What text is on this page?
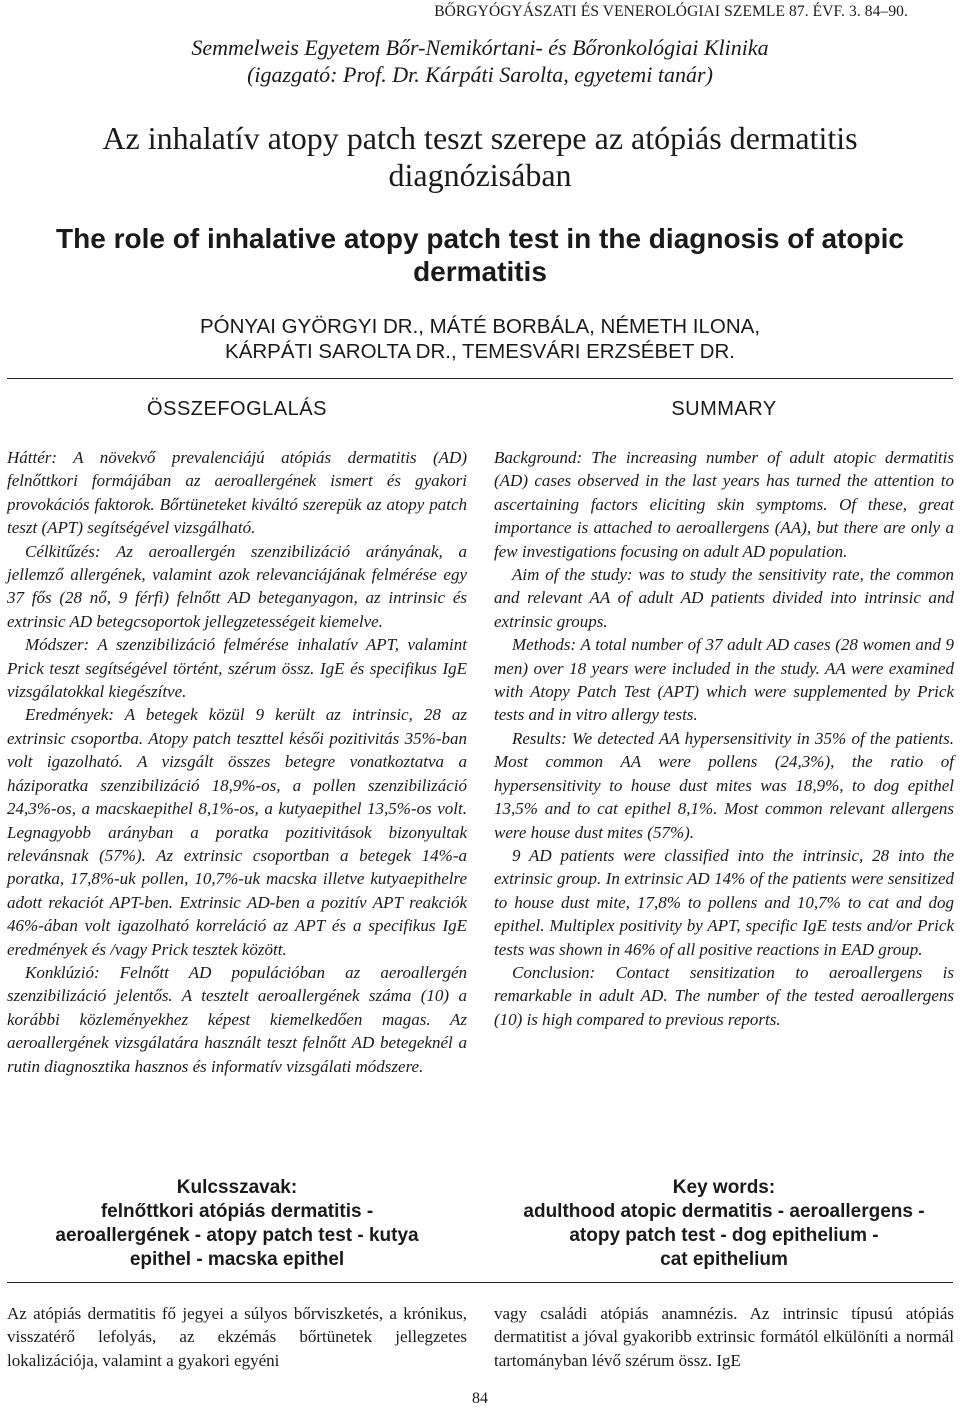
BŐRGYÓGYÁSZATI ÉS VENEROLÓGIAI SZEMLE 87. ÉVF. 3. 84–90.
Semmelweis Egyetem Bőr-Nemikórtani- és Bőronkológiai Klinika
(igazgató: Prof. Dr. Kárpáti Sarolta, egyetemi tanár)
Az inhalatív atopy patch teszt szerepe az atópiás dermatitis
diagnózisában
The role of inhalative atopy patch test in the diagnosis of atopic
dermatitis
PÓNYAI GYÖRGYI DR., MÁTÉ BORBÁLA, NÉMETH ILONA,
KÁRPÁTI SAROLTA DR., TEMESVÁRI ERZSÉBET DR.
ÖSSZEFOGLALÁS	SUMMARY

Háttér: A növekvő prevalenciájú atópiás dermatitis (AD) felnőttkori formájában az aeroallergének ismert és gyakori provokációs faktorok. Bőrtüneteket kiváltó szerepük az atopy patch teszt (APT) segítségével vizsgálható.

Célkitűzés: Az aeroallergén szenzibilizáció arányának, a jellemző allergének, valamint azok relevanciájának felmérése egy 37 fős (28 nő, 9 férfi) felnőtt AD beteganyagon, az intrinsic és extrinsic AD betegcsoportok jellegzetességeit kiemelve.

Módszer: A szenzibilizáció felmérése inhalatív APT, valamint Prick teszt segítségével történt, szérum össz. IgE és specifikus IgE vizsgálatokkal kiegészítve.

Eredmények: A betegek közül 9 került az intrinsic, 28 az extrinsic csoportba. Atopy patch teszttel késői pozitivitás 35%-ban volt igazolható. A vizsgált összes betegre vonatkoztatva a háziporatka szenzibilizáció 18,9%-os, a pollen szenzibilizáció 24,3%-os, a macskaepithel 8,1%-os, a kutyaepithel 13,5%-os volt. Legnagyobb arányban a poratka pozitivitások bizonyultak relevánsnak (57%). Az extrinsic csoportban a betegek 14%-a poratka, 17,8%-uk pollen, 10,7%-uk macska illetve kutyaepithelre adott rekaciót APT-ben. Extrinsic AD-ben a pozitív APT reakciók 46%-ában volt igazolható korreláció az APT és a specifikus IgE eredmények és /vagy Prick tesztek között.

Konklúzió: Felnőtt AD populációban az aeroallergén szenzibilizáció jelentős. A tesztelt aeroallergének száma (10) a korábbi közleményekhez képest kiemelkedően magas. Az aeroallergének vizsgálatára használt teszt felnőtt AD betegeknél a rutin diagnosztika hasznos és informatív vizsgálati módszere.

Background: The increasing number of adult atopic dermatitis (AD) cases observed in the last years has turned the attention to ascertaining factors eliciting skin symptoms. Of these, great importance is attached to aeroallergens (AA), but there are only a few investigations focusing on adult AD population.

Aim of the study: was to study the sensitivity rate, the common and relevant AA of adult AD patients divided into intrinsic and extrinsic groups.

Methods: A total number of 37 adult AD cases (28 women and 9 men) over 18 years were included in the study. AA were examined with Atopy Patch Test (APT) which were supplemented by Prick tests and in vitro allergy tests.

Results: We detected AA hypersensitivity in 35% of the patients. Most common AA were pollens (24,3%), the ratio of hypersensitivity to house dust mites was 18,9%, to dog epithel 13,5% and to cat epithel 8,1%. Most common relevant allergens were house dust mites (57%).

9 AD patients were classified into the intrinsic, 28 into the extrinsic group. In extrinsic AD 14% of the patients were sensitized to house dust mite, 17,8% to pollens and 10,7% to cat and dog epithel. Multiplex positivity by APT, specific IgE tests and/or Prick tests was shown in 46% of all positive reactions in EAD group.

Conclusion: Contact sensitization to aeroallergens is remarkable in adult AD. The number of the tested aeroallergens (10) is high compared to previous reports.

Kulcsszavak:
felnőttkori atópiás dermatitis -
aeroallergének - atopy patch test - kutya
epithel - macska epithel
Key words:
adulthood atopic dermatitis - aeroallergens -
atopy patch test - dog epithelium -
cat epithelium
Az atópiás dermatitis fő jegyei a súlyos bőrviszketés, a krónikus, visszatérő lefolyás, az ekzémás bőrtünetek jellegzetes lokalizációja, valamint a gyakori egyéni
vagy családi atópiás anamnézis. Az intrinsic típusú atópiás dermatitist a jóval gyakoribb extrinsic formától elkülöníti a normál tartományban lévő szérum össz. IgE
84
